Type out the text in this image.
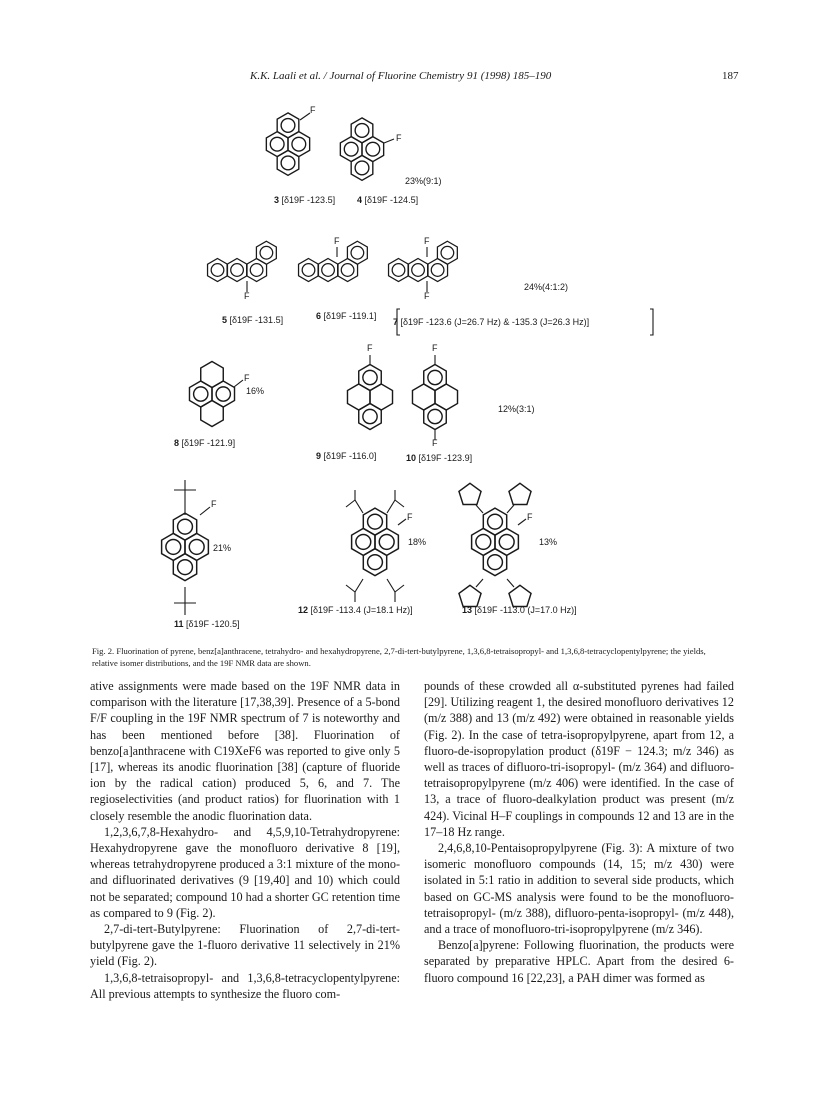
K.K. Laali et al. / Journal of Fluorine Chemistry 91 (1998) 185–190	187
F
F
F
F	F
F
F
F	F
F
F
F	F
3 [δ19F -123.5] 4 [δ19F -124.5]
23%(9:1)
5 [δ19F -131.5]	6 [δ19F -119.1]
7 [δ19F -123.6 (J=26.7 Hz) & -135.3 (J=26.3 Hz)]
24%(4:1:2)
8 [δ19F -121.9]
16%
9 [δ19F -116.0]	10 [δ19F -123.9]
12%(3:1)
11 [δ19F -120.5]
21%
12 [δ19F -113.4 (J=18.1 Hz)]
18%
13 [δ19F -113.0 (J=17.0 Hz)]
13%
Fig. 2. Fluorination of pyrene, benz[a]anthracene, tetrahydro- and hexahydropyrene, 2,7-di-tert-butylpyrene, 1,3,6,8-tetraisopropyl- and 1,3,6,8-tetracyclopentylpyrene; the yields, relative isomer distributions, and the 19F NMR data are shown.

ative assignments were made based on the 19F NMR data in comparison with the literature [17,38,39]. Presence of a 5-bond F/F coupling in the 19F NMR spectrum of 7 is noteworthy and has been mentioned before [38]. Fluorination of benzo[a]anthracene with C19XeF6 was reported to give only 5 [17], whereas its anodic fluorination [38] (capture of fluoride ion by the radical cation) produced 5, 6, and 7. The regioselectivities (and product ratios) for fluorination with 1 closely resemble the anodic fluorination data.

1,2,3,6,7,8-Hexahydro- and 4,5,9,10-Tetrahydropyrene: Hexahydropyrene gave the monofluoro derivative 8 [19], whereas tetrahydropyrene produced a 3:1 mixture of the mono- and difluorinated derivatives (9 [19,40] and 10) which could not be separated; compound 10 had a shorter GC retention time as compared to 9 (Fig. 2).

2,7-di-tert-Butylpyrene: Fluorination of 2,7-di-tert-butylpyrene gave the 1-fluoro derivative 11 selectively in 21% yield (Fig. 2).

1,3,6,8-tetraisopropyl- and 1,3,6,8-tetracyclopentylpyrene: All previous attempts to synthesize the fluoro com-

pounds of these crowded all α-substituted pyrenes had failed [29]. Utilizing reagent 1, the desired monofluoro derivatives 12 (m/z 388) and 13 (m/z 492) were obtained in reasonable yields (Fig. 2). In the case of tetra-isopropylpyrene, apart from 12, a fluoro-de-isopropylation product (δ19F − 124.3; m/z 346) as well as traces of difluoro-tri-isopropyl- (m/z 364) and difluoro-tetraisopropylpyrene (m/z 406) were identified. In the case of 13, a trace of fluoro-dealkylation product was present (m/z 424). Vicinal H–F couplings in compounds 12 and 13 are in the 17–18 Hz range.

2,4,6,8,10-Pentaisopropylpyrene (Fig. 3): A mixture of two isomeric monofluoro compounds (14, 15; m/z 430) were isolated in 5:1 ratio in addition to several side products, which based on GC-MS analysis were found to be the monofluoro-tetraisopropyl- (m/z 388), difluoro-penta-isopropyl- (m/z 448), and a trace of monofluoro-tri-isopropylpyrene (m/z 346).

Benzo[a]pyrene: Following fluorination, the products were separated by preparative HPLC. Apart from the desired 6-fluoro compound 16 [22,23], a PAH dimer was formed as
